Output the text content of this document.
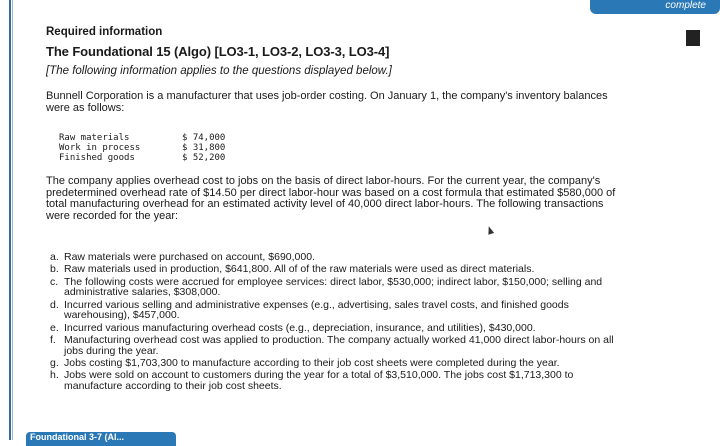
complete
Required information
The Foundational 15 (Algo) [LO3-1, LO3-2, LO3-3, LO3-4]
[The following information applies to the questions displayed below.]
Bunnell Corporation is a manufacturer that uses job-order costing. On January 1, the company's inventory balances were as follows:
Raw materials	$ 74,000
Work in process	$ 31,800
Finished goods	$ 52,200
The company applies overhead cost to jobs on the basis of direct labor-hours. For the current year, the company's predetermined overhead rate of $14.50 per direct labor-hour was based on a cost formula that estimated $580,000 of total manufacturing overhead for an estimated activity level of 40,000 direct labor-hours. The following transactions were recorded for the year:
a. Raw materials were purchased on account, $690,000.
b. Raw materials used in production, $641,800. All of of the raw materials were used as direct materials.
c. The following costs were accrued for employee services: direct labor, $530,000; indirect labor, $150,000; selling and administrative salaries, $308,000.
d. Incurred various selling and administrative expenses (e.g., advertising, sales travel costs, and finished goods warehousing), $457,000.
e. Incurred various manufacturing overhead costs (e.g., depreciation, insurance, and utilities), $430,000.
f. Manufacturing overhead cost was applied to production. The company actually worked 41,000 direct labor-hours on all jobs during the year.
g. Jobs costing $1,703,300 to manufacture according to their job cost sheets were completed during the year.
h. Jobs were sold on account to customers during the year for a total of $3,510,000. The jobs cost $1,713,300 to manufacture according to their job cost sheets.
Foundational 3-7 (Al...
